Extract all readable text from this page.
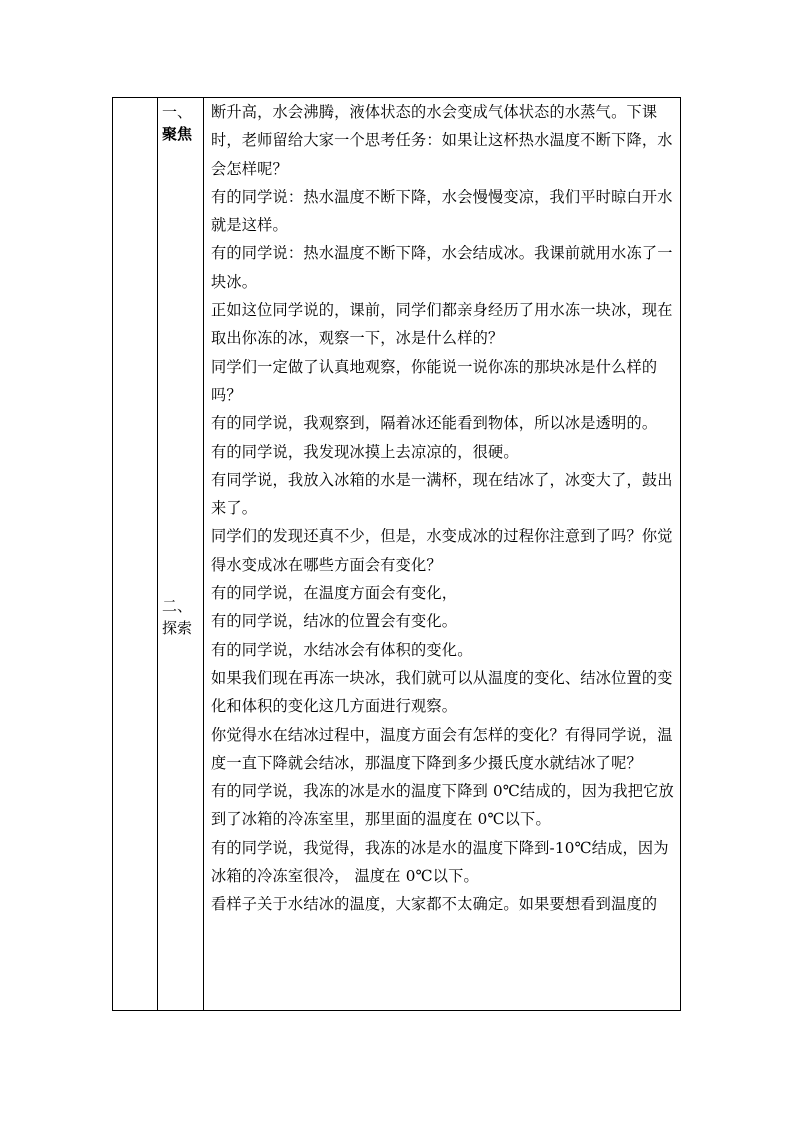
一、
聚焦
二、
探索

断升高，水会沸腾，液体状态的水会变成气体状态的水蒸气。下课时，老师留给大家一个思考任务：如果让这杯热水温度不断下降，水会怎样呢？

有的同学说：热水温度不断下降，水会慢慢变凉，我们平时晾白开水就是这样。

有的同学说：热水温度不断下降，水会结成冰。我课前就用水冻了一块冰。

正如这位同学说的，课前，同学们都亲身经历了用水冻一块冰，现在取出你冻的冰，观察一下，冰是什么样的？

同学们一定做了认真地观察，你能说一说你冻的那块冰是什么样的吗？

有的同学说，我观察到，隔着冰还能看到物体，所以冰是透明的。

有的同学说，我发现冰摸上去凉凉的，很硬。

有同学说，我放入冰箱的水是一满杯，现在结冰了，冰变大了，鼓出来了。

同学们的发现还真不少，但是，水变成冰的过程你注意到了吗？你觉得水变成冰在哪些方面会有变化？

有的同学说，在温度方面会有变化，

有的同学说，结冰的位置会有变化。

有的同学说，水结冰会有体积的变化。

如果我们现在再冻一块冰，我们就可以从温度的变化、结冰位置的变化和体积的变化这几方面进行观察。

你觉得水在结冰过程中，温度方面会有怎样的变化？有得同学说，温度一直下降就会结冰，那温度下降到多少摄氏度水就结冰了呢？

有的同学说，我冻的冰是水的温度下降到 0℃结成的，因为我把它放到了冰箱的冷冻室里，那里面的温度在 0℃以下。

有的同学说，我觉得，我冻的冰是水的温度下降到-10℃结成，因为冰箱的冷冻室很冷， 温度在 0℃以下。

看样子关于水结冰的温度，大家都不太确定。如果要想看到温度的
